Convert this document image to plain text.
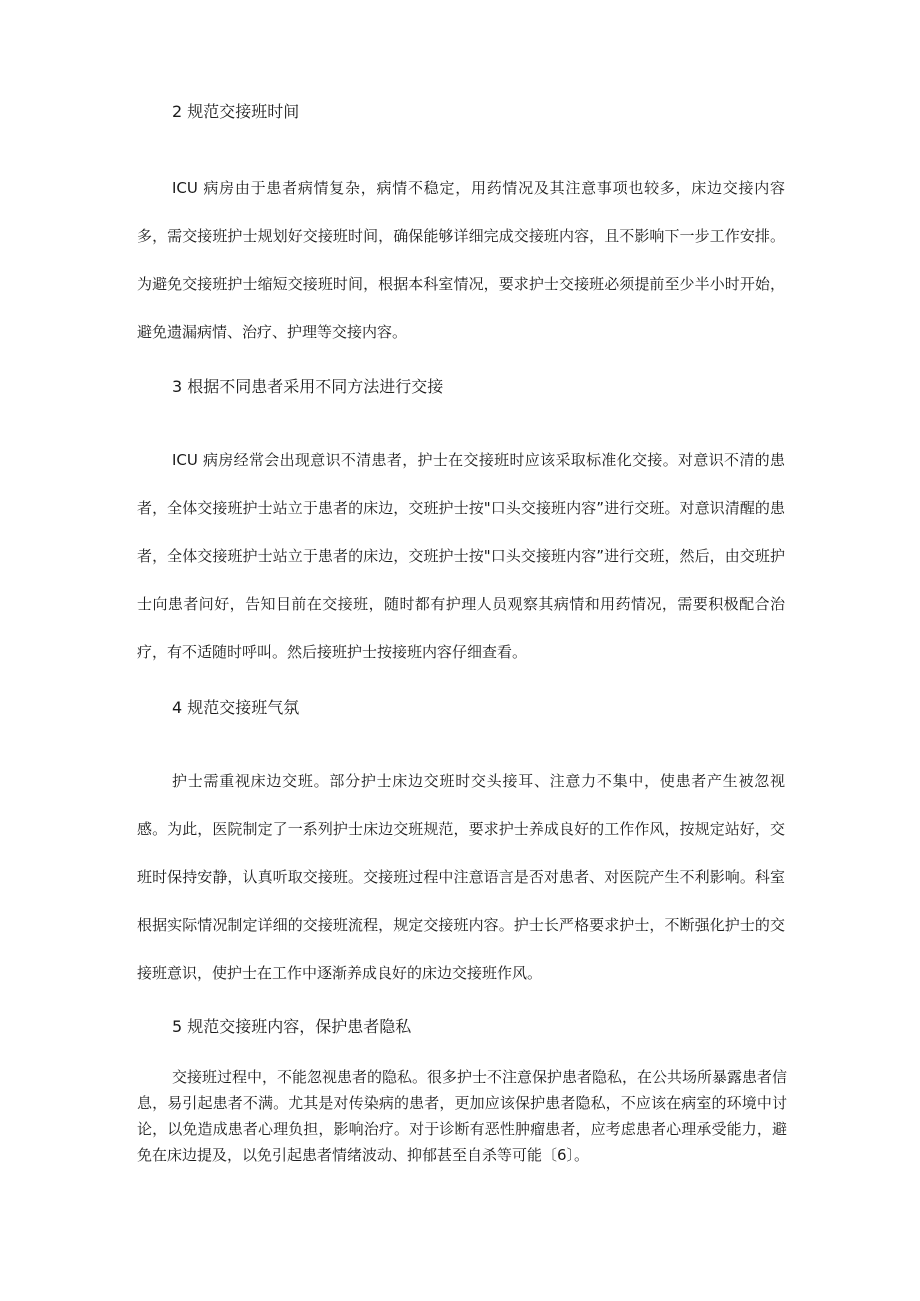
2 规范交接班时间

ICU 病房由于患者病情复杂，病情不稳定，用药情况及其注意事项也较多，床边交接内容多，需交接班护士规划好交接班时间，确保能够详细完成交接班内容，且不影响下一步工作安排。为避免交接班护士缩短交接班时间，根据本科室情况，要求护士交接班必须提前至少半小时开始，避免遗漏病情、治疗、护理等交接内容。

3 根据不同患者采用不同方法进行交接

ICU 病房经常会出现意识不清患者，护士在交接班时应该采取标准化交接。对意识不清的患者，全体交接班护士站立于患者的床边，交班护士按"口头交接班内容”进行交班。对意识清醒的患者，全体交接班护士站立于患者的床边，交班护士按"口头交接班内容”进行交班，然后，由交班护士向患者问好，告知目前在交接班，随时都有护理人员观察其病情和用药情况，需要积极配合治疗，有不适随时呼叫。然后接班护士按接班内容仔细查看。

4 规范交接班气氛

护士需重视床边交班。部分护士床边交班时交头接耳、注意力不集中，使患者产生被忽视感。为此，医院制定了一系列护士床边交班规范，要求护士养成良好的工作作风，按规定站好，交班时保持安静，认真听取交接班。交接班过程中注意语言是否对患者、对医院产生不利影响。科室根据实际情况制定详细的交接班流程，规定交接班内容。护士长严格要求护士，不断强化护士的交接班意识，使护士在工作中逐渐养成良好的床边交接班作风。

5 规范交接班内容，保护患者隐私

交接班过程中，不能忽视患者的隐私。很多护士不注意保护患者隐私，在公共场所暴露患者信息，易引起患者不满。尤其是对传染病的患者，更加应该保护患者隐私，不应该在病室的环境中讨论，以免造成患者心理负担，影响治疗。对于诊断有恶性肿瘤患者，应考虑患者心理承受能力，避免在床边提及，以免引起患者情绪波动、抑郁甚至自杀等可能〔6〕。
